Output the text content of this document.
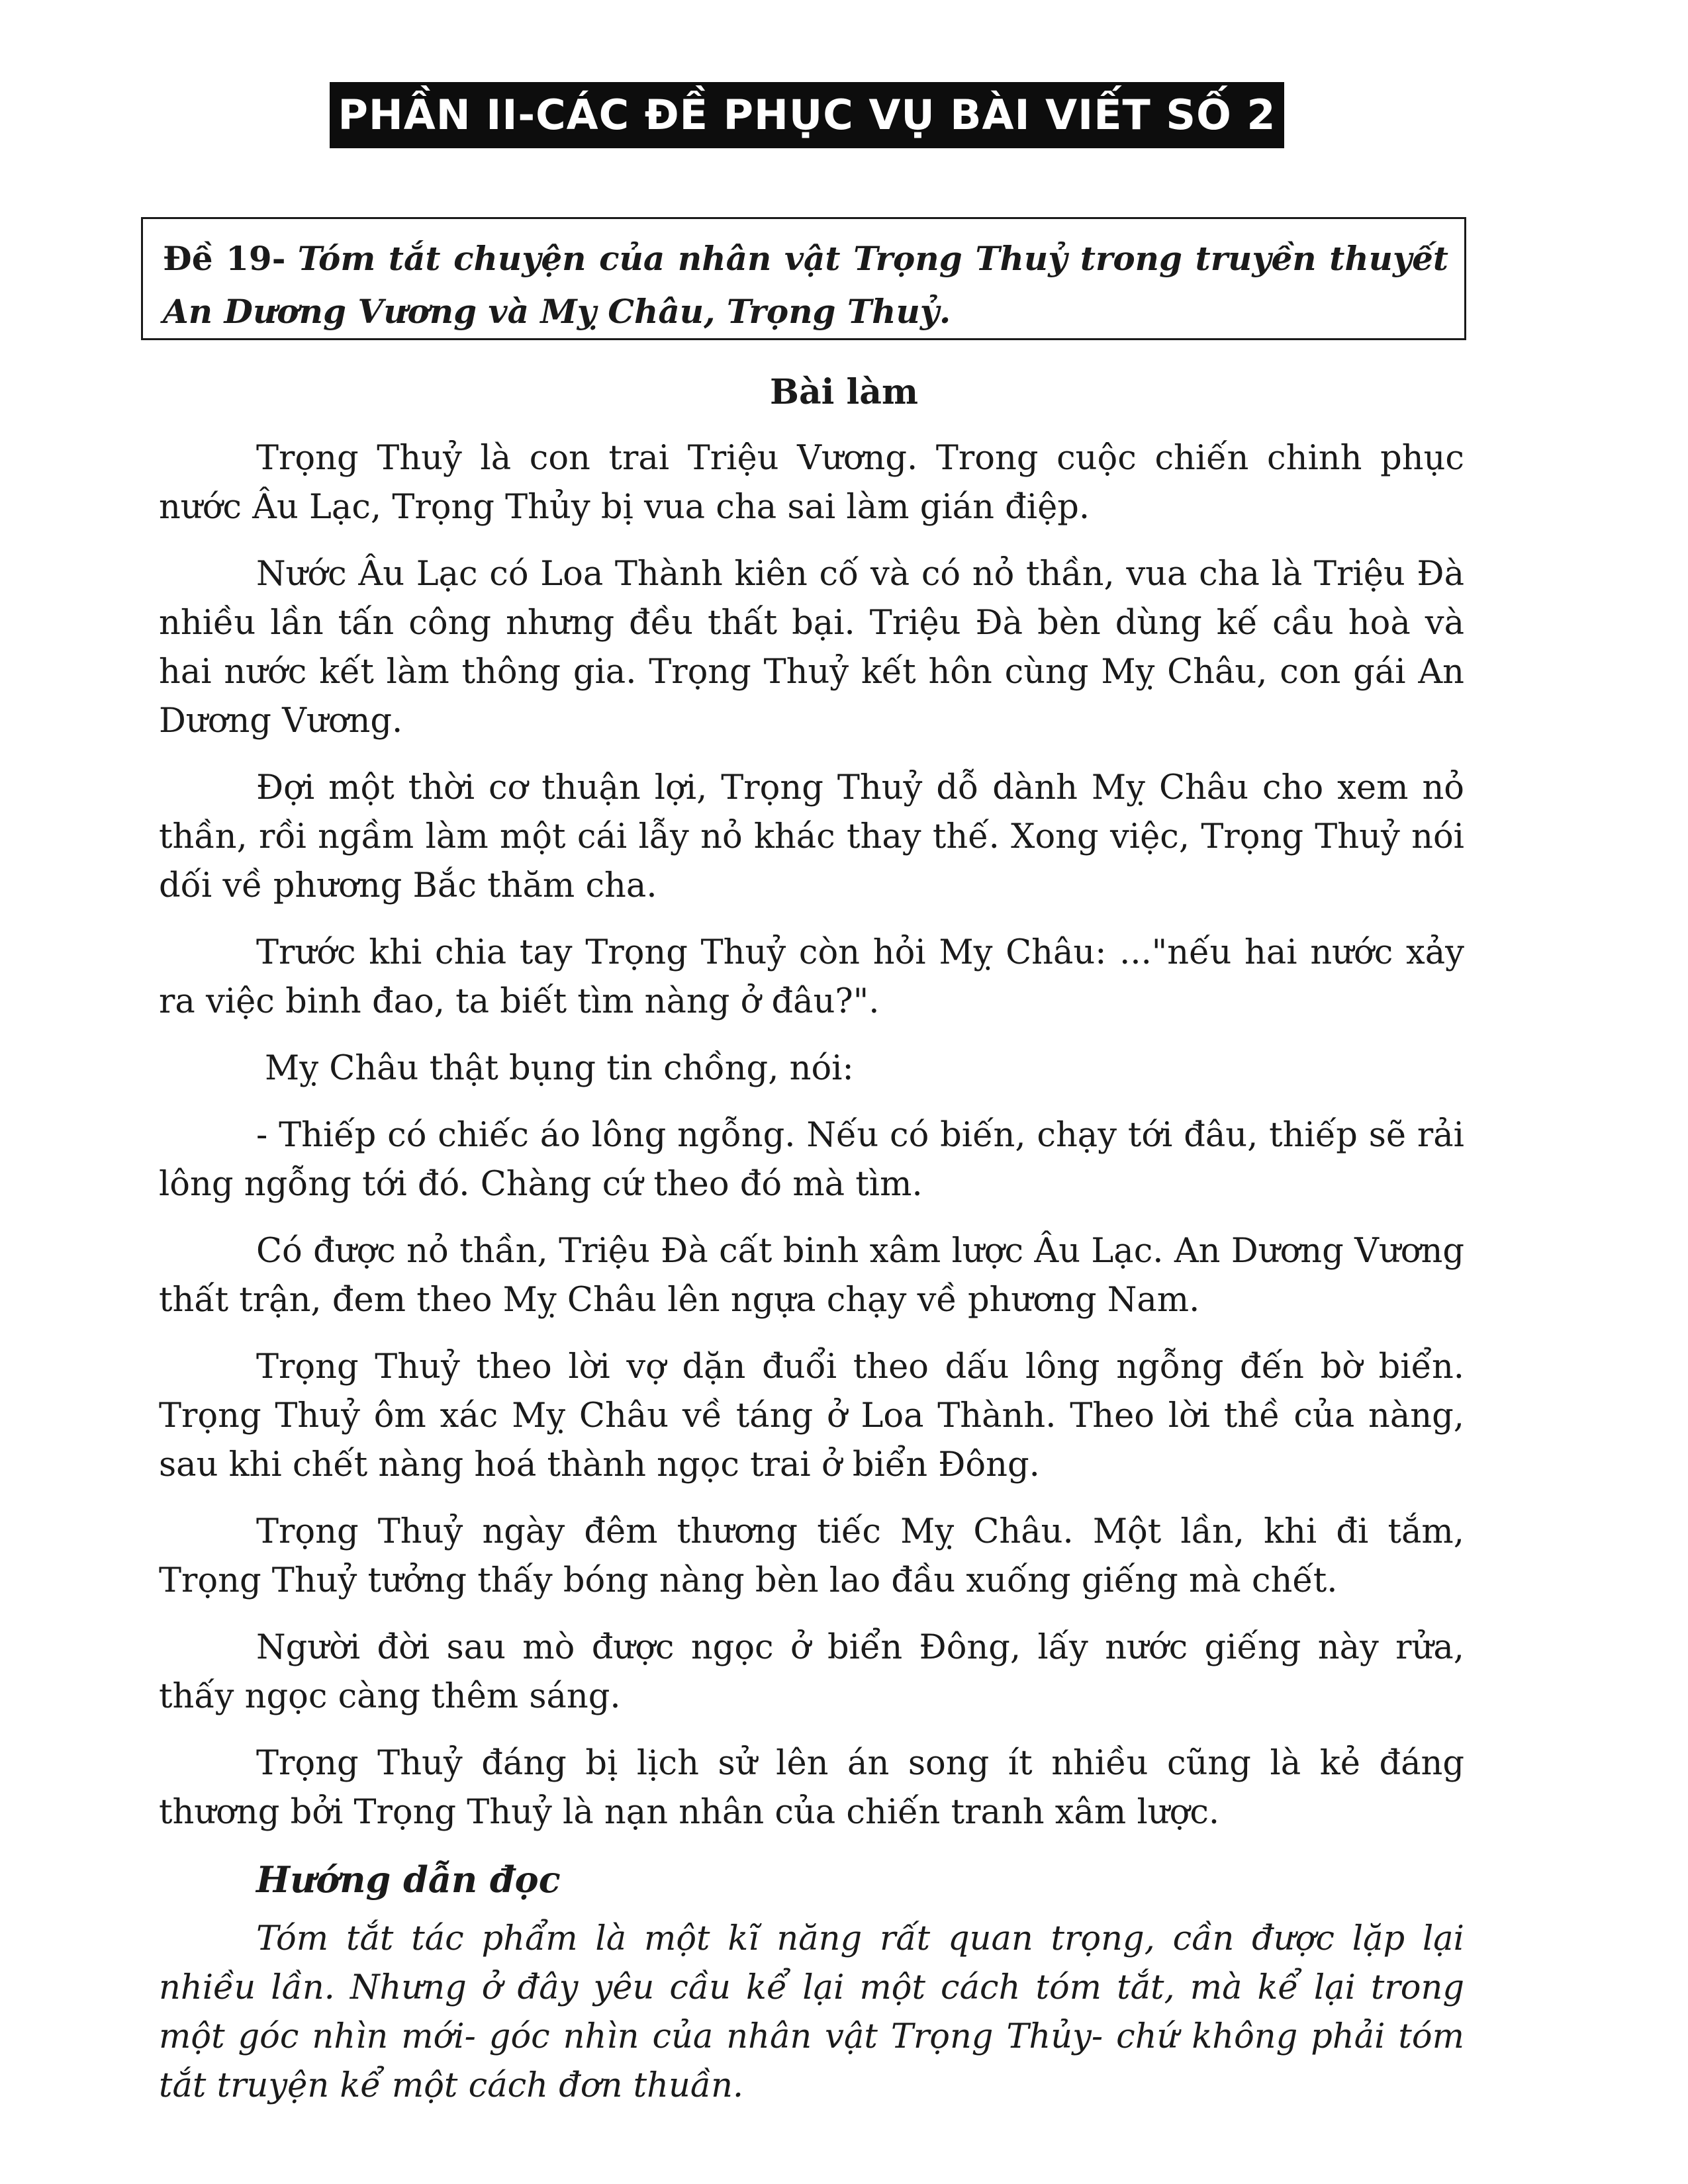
PHẦN II-CÁC ĐỀ PHỤC VỤ BÀI VIẾT SỐ 2
Đề 19- Tóm tắt chuyện của nhân vật Trọng Thuỷ trong truyền thuyết An Dương Vương và Mỵ Châu, Trọng Thuỷ.
Bài làm

Trọng Thuỷ là con trai Triệu Vương. Trong cuộc chiến chinh phục nước Âu Lạc, Trọng Thủy bị vua cha sai làm gián điệp.

Nước Âu Lạc có Loa Thành kiên cố và có nỏ thần, vua cha là Triệu Đà nhiều lần tấn công nhưng đều thất bại. Triệu Đà bèn dùng kế cầu hoà và hai nước kết làm thông gia. Trọng Thuỷ kết hôn cùng Mỵ Châu, con gái An Dương Vương.

Đợi một thời cơ thuận lợi, Trọng Thuỷ dỗ dành Mỵ Châu cho xem nỏ thần, rồi ngầm làm một cái lẫy nỏ khác thay thế. Xong việc, Trọng Thuỷ nói dối về phương Bắc thăm cha.

Trước khi chia tay Trọng Thuỷ còn hỏi Mỵ Châu: ..."nếu hai nước xảy ra việc binh đao, ta biết tìm nàng ở đâu?".

Mỵ Châu thật bụng tin chồng, nói:

- Thiếp có chiếc áo lông ngỗng. Nếu có biến, chạy tới đâu, thiếp sẽ rải lông ngỗng tới đó. Chàng cứ theo đó mà tìm.

Có được nỏ thần, Triệu Đà cất binh xâm lược Âu Lạc. An Dương Vương thất trận, đem theo Mỵ Châu lên ngựa chạy về phương Nam.

Trọng Thuỷ theo lời vợ dặn đuổi theo dấu lông ngỗng đến bờ biển. Trọng Thuỷ ôm xác Mỵ Châu về táng ở Loa Thành. Theo lời thề của nàng, sau khi chết nàng hoá thành ngọc trai ở biển Đông.

Trọng Thuỷ ngày đêm thương tiếc Mỵ Châu. Một lần, khi đi tắm, Trọng Thuỷ tưởng thấy bóng nàng bèn lao đầu xuống giếng mà chết.

Người đời sau mò được ngọc ở biển Đông, lấy nước giếng này rửa, thấy ngọc càng thêm sáng.

Trọng Thuỷ đáng bị lịch sử lên án song ít nhiều cũng là kẻ đáng thương bởi Trọng Thuỷ là nạn nhân của chiến tranh xâm lược.

Hướng dẫn đọc

Tóm tắt tác phẩm là một kĩ năng rất quan trọng, cần được lặp lại nhiều lần. Nhưng ở đây yêu cầu kể lại một cách tóm tắt, mà kể lại trong một góc nhìn mới- góc nhìn của nhân vật Trọng Thủy- chứ không phải tóm tắt truyện kể một cách đơn thuần.
